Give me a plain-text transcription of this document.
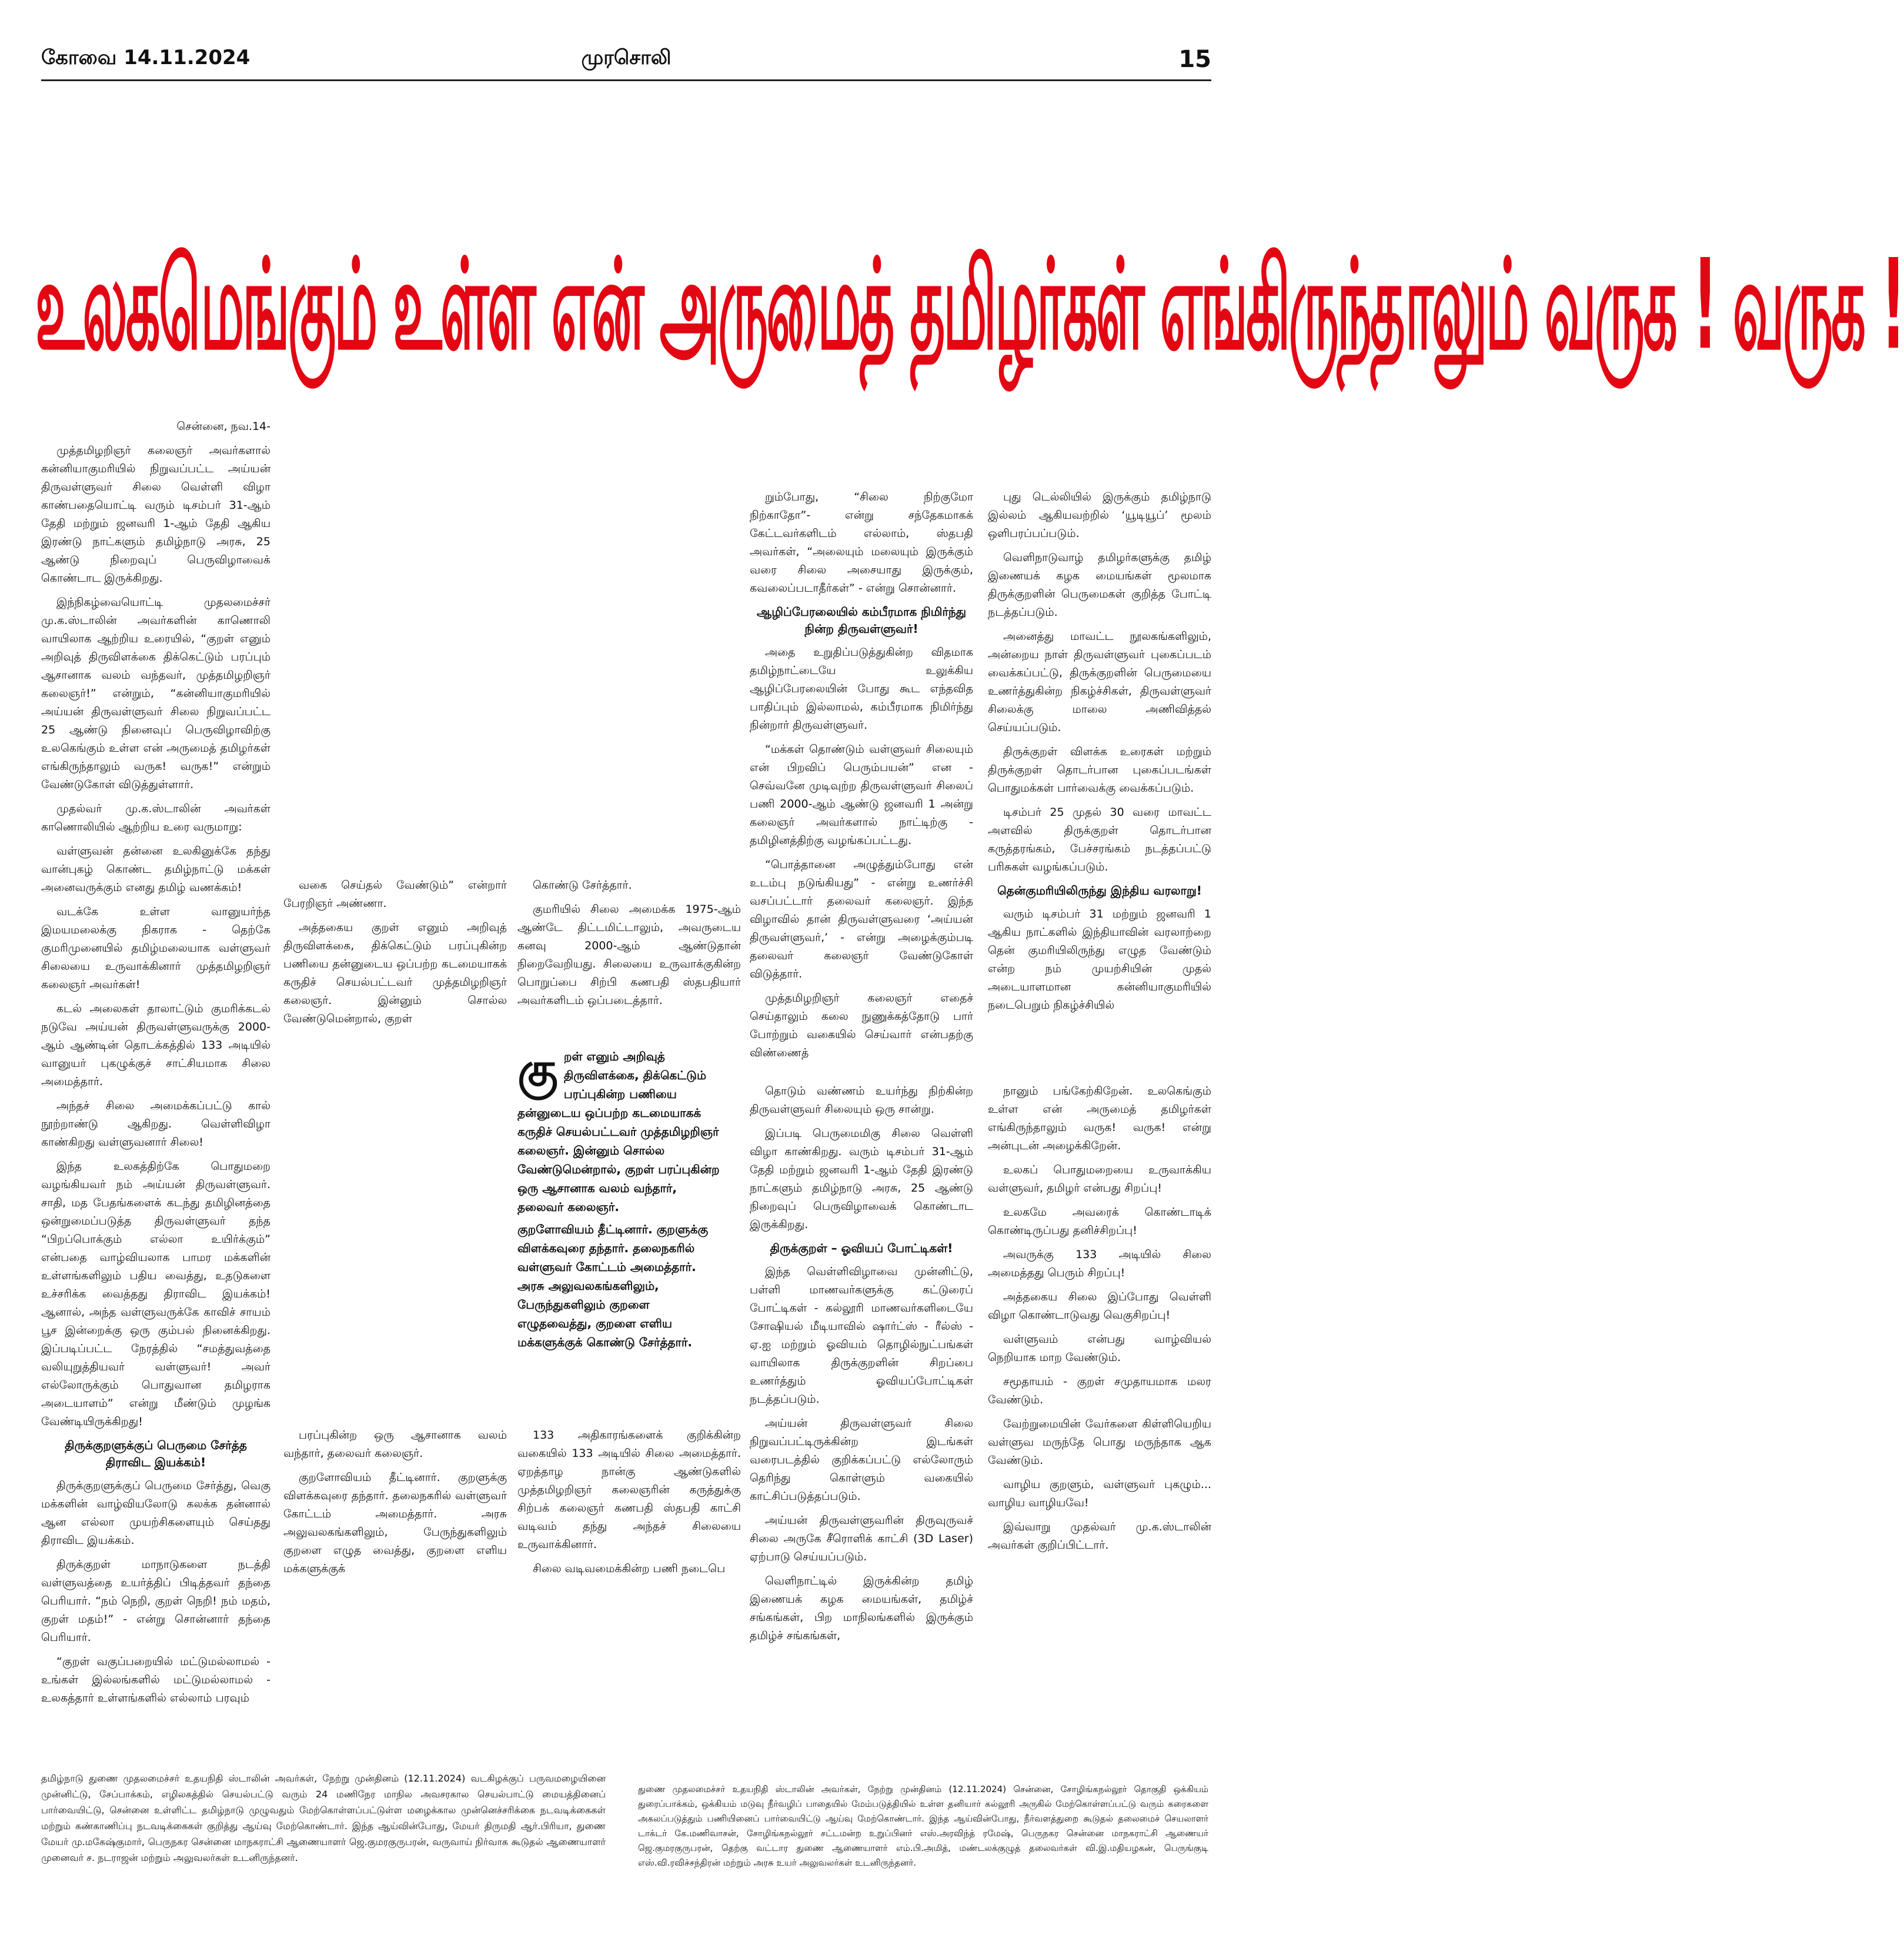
முரசொலி
கோவை 14.11.2024	15
உலகமெங்கும் உள்ள என் அருமைத் தமிழர்கள் எங்கிருந்தாலும் வருக ! வருக !

சென்னை, நவ.14-

முத்தமிழறிஞர் கலைஞர் அவர்களால் கன்னியாகுமரியில் நிறுவப்பட்ட அய்யன் திருவள்ளுவர் சிலை வெள்ளி விழா காண்பதையொட்டி வரும் டிசம்பர் 31-ஆம் தேதி மற்றும் ஜனவரி 1-ஆம் தேதி ஆகிய இரண்டு நாட்களும் தமிழ்நாடு அரசு, 25 ஆண்டு நிறைவுப் பெருவிழாவைக் கொண்டாட இருக்கிறது.

இந்நிகழ்வையொட்டி முதலமைச்சர் மு.க.ஸ்டாலின் அவர்களின் காணொலி வாயிலாக ஆற்றிய உரையில், “குறள் எனும் அறிவுத் திருவிளக்கை திக்கெட்டும் பரப்பும் ஆசானாக வலம் வந்தவர், முத்தமிழறிஞர் கலைஞர்!” என்றும், “கன்னியாகுமரியில் அய்யன் திருவள்ளுவர் சிலை நிறுவப்பட்ட 25 ஆண்டு நினைவுப் பெருவிழாவிற்கு உலகெங்கும் உள்ள என் அருமைத் தமிழர்கள் எங்கிருந்தாலும் வருக! வருக!” என்றும் வேண்டுகோள் விடுத்துள்ளார்.

முதல்வர் மு.க.ஸ்டாலின் அவர்கள் காணொலியில் ஆற்றிய உரை வருமாறு:

வள்ளுவன் தன்னை உலகினுக்கே தந்து வான்புகழ் கொண்ட தமிழ்நாட்டு மக்கள் அனைவருக்கும் எனது தமிழ் வணக்கம்!

வடக்கே உள்ள வானுயர்ந்த இமயமலைக்கு நிகராக - தெற்கே குமரிமுனையில் தமிழ்மலையாக வள்ளுவர் சிலையை உருவாக்கினார் முத்தமிழறிஞர் கலைஞர் அவர்கள்!

கடல் அலைகள் தாலாட்டும் குமரிக்கடல் நடுவே அய்யன் திருவள்ளுவருக்கு 2000-ஆம் ஆண்டின் தொடக்கத்தில் 133 அடியில் வானுயர் புகழுக்குச் சாட்சியமாக சிலை அமைத்தார்.

அந்தச் சிலை அமைக்கப்பட்டு கால் நூற்றாண்டு ஆகிறது. வெள்ளிவிழா காண்கிறது வள்ளுவனார் சிலை!

இந்த உலகத்திற்கே பொதுமறை வழங்கியவர் நம் அய்யன் திருவள்ளுவர். சாதி, மத பேதங்களைக் கடந்து தமிழினத்தை ஒன்றுமைப்படுத்த திருவள்ளுவர் தந்த “பிறப்பொக்கும் எல்லா உயிர்க்கும்” என்பதை வாழ்வியலாக பாமர மக்களின் உள்ளங்களிலும் பதிய வைத்து, உதடுகளை உச்சரிக்க வைத்தது திராவிட இயக்கம்! ஆனால், அந்த வள்ளுவருக்கே காவிச் சாயம் பூச இன்றைக்கு ஒரு கும்பல் நினைக்கிறது. இப்படிப்பட்ட நேரத்தில் “சமத்துவத்தை வலியுறுத்தியவர் வள்ளுவர்! அவர் எல்லோருக்கும் பொதுவான தமிழராக அடையாளம்” என்று மீண்டும் முழங்க வேண்டியிருக்கிறது!

திருக்குறளுக்குப் பெருமை சேர்த்த திராவிட இயக்கம்!

திருக்குறளுக்குப் பெருமை சேர்த்து, வெகு மக்களின் வாழ்வியலோடு கலக்க தன்னால் ஆன எல்லா முயற்சிகளையும் செய்தது திராவிட இயக்கம்.

திருக்குறள் மாநாடுகளை நடத்தி வள்ளுவத்தை உயர்த்திப் பிடித்தவர் தந்தை பெரியார். “நம் நெறி, குறள் நெறி! நம் மதம், குறள் மதம்!” - என்று சொன்னார் தந்தை பெரியார்.

“குறள் வகுப்பறையில் மட்டுமல்லாமல் - உங்கள் இல்லங்களில் மட்டுமல்லாமல் - உலகத்தார் உள்ளங்களில் எல்லாம் பரவும்

வகை செய்தல் வேண்டும்” என்றார் பேரறிஞர் அண்ணா.

அத்தகைய குறள் எனும் அறிவுத் திருவிளக்கை, திக்கெட்டும் பரப்புகின்ற பணியை தன்னுடைய ஒப்பற்ற கடமையாகக் கருதிச் செயல்பட்டவர் முத்தமிழறிஞர் கலைஞர். இன்னும் சொல்ல வேண்டுமென்றால், குறள்

கொண்டு சேர்த்தார்.

குமரியில் சிலை அமைக்க 1975-ஆம் ஆண்டே திட்டமிட்டாலும், அவருடைய கனவு 2000-ஆம் ஆண்டுதான் நிறைவேறியது. சிலையை உருவாக்குகின்ற பொறுப்பை சிற்பி கணபதி ஸ்தபதியார் அவர்களிடம் ஒப்படைத்தார்.

கு றள் எனும் அறிவுத் திருவிளக்கை, திக்கெட்டும் பரப்புகின்ற பணியை தன்னுடைய ஒப்பற்ற கடமையாகக் கருதிச் செயல்பட்டவர் முத்தமிழறிஞர் கலைஞர். இன்னும் சொல்ல வேண்டுமென்றால், குறள் பரப்புகின்ற ஒரு ஆசானாக வலம் வந்தார், தலைவர் கலைஞர்.

குறளோவியம் தீட்டினார். குறளுக்கு விளக்கவுரை தந்தார். தலைநகரில் வள்ளுவர் கோட்டம் அமைத்தார். அரசு அலுவலகங்களிலும், பேருந்துகளிலும் குறளை எழுதவைத்து, குறளை எளிய மக்களுக்குக் கொண்டு சேர்த்தார்.

பரப்புகின்ற ஒரு ஆசானாக வலம் வந்தார், தலைவர் கலைஞர்.

குறளோவியம் தீட்டினார். குறளுக்கு விளக்கவுரை தந்தார். தலைநகரில் வள்ளுவர் கோட்டம் அமைத்தார். அரசு அலுவலகங்களிலும், பேருந்துகளிலும் குறளை எழுத வைத்து, குறளை எளிய மக்களுக்குக்

133 அதிகாரங்களைக் குறிக்கின்ற வகையில் 133 அடியில் சிலை அமைத்தார். ஏறத்தாழ நான்கு ஆண்டுகளில் முத்தமிழறிஞர் கலைஞரின் கருத்துக்கு சிற்பக் கலைஞர் கணபதி ஸ்தபதி காட்சி வடிவம் தந்து அந்தச் சிலையை உருவாக்கினார்.

சிலை வடிவமைக்கின்ற பணி நடைபெ

றும்போது, “சிலை நிற்குமோ நிற்காதோ”- என்று சந்தேகமாகக் கேட்டவர்களிடம் எல்லாம், ஸ்தபதி அவர்கள், “அலையும் மலையும் இருக்கும் வரை சிலை அசையாது இருக்கும், கவலைப்படாதீர்கள்” - என்று சொன்னார்.

ஆழிப்பேரலையில் கம்பீரமாக நிமிர்ந்து நின்ற திருவள்ளுவர்!

அதை உறுதிப்படுத்துகின்ற விதமாக தமிழ்நாட்டையே உலுக்கிய ஆழிப்பேரலையின் போது கூட எந்தவித பாதிப்பும் இல்லாமல், கம்பீரமாக நிமிர்ந்து நின்றார் திருவள்ளுவர்.

“மக்கள் தொண்டும் வள்ளுவர் சிலையும் என் பிறவிப் பெரும்பயன்” என - செவ்வனே முடிவுற்ற திருவள்ளுவர் சிலைப் பணி 2000-ஆம் ஆண்டு ஜனவரி 1 அன்று கலைஞர் அவர்களால் நாட்டிற்கு - தமிழினத்திற்கு வழங்கப்பட்டது.

“பொத்தானை அழுத்தும்போது என் உடம்பு நடுங்கியது” - என்று உணர்ச்சி வசப்பட்டார் தலைவர் கலைஞர். இந்த விழாவில் தான் திருவள்ளுவரை ‘அய்யன் திருவள்ளுவர்,’ - என்று அழைக்கும்படி தலைவர் கலைஞர் வேண்டுகோள் விடுத்தார்.

முத்தமிழறிஞர் கலைஞர் எதைச் செய்தாலும் கலை நுணுக்கத்தோடு பார் போற்றும் வகையில் செய்வார் என்பதற்கு விண்ணைத்

தொடும் வண்ணம் உயர்ந்து நிற்கின்ற திருவள்ளுவர் சிலையும் ஒரு சான்று.

இப்படி பெருமைமிகு சிலை வெள்ளி விழா காண்கிறது. வரும் டிசம்பர் 31-ஆம் தேதி மற்றும் ஜனவரி 1-ஆம் தேதி இரண்டு நாட்களும் தமிழ்நாடு அரசு, 25 ஆண்டு நிறைவுப் பெருவிழாவைக் கொண்டாட இருக்கிறது.

திருக்குறள் – ஓவியப் போட்டிகள்!

இந்த வெள்ளிவிழாவை முன்னிட்டு, பள்ளி மாணவர்களுக்கு கட்டுரைப் போட்டிகள் - கல்லூரி மாணவர்களிடையே சோஷியல் மீடியாவில் ஷார்ட்ஸ் - ரீல்ஸ் - ஏ.ஐ மற்றும் ஓவியம் தொழில்நுட்பங்கள் வாயிலாக திருக்குறளின் சிறப்பை உணர்த்தும் ஓவியப்போட்டிகள் நடத்தப்படும்.

அய்யன் திருவள்ளுவர் சிலை நிறுவப்பட்டிருக்கின்ற இடங்கள் வரைபடத்தில் குறிக்கப்பட்டு எல்லோரும் தெரிந்து கொள்ளும் வகையில் காட்சிப்படுத்தப்படும்.

அய்யன் திருவள்ளுவரின் திருவுருவச் சிலை அருகே சீரொளிக் காட்சி (3D Laser) ஏற்பாடு செய்யப்படும்.

வெளிநாட்டில் இருக்கின்ற தமிழ் இணையக் கழக மையங்கள், தமிழ்ச் சங்கங்கள், பிற மாநிலங்களில் இருக்கும் தமிழ்ச் சங்கங்கள்,

புது டெல்லியில் இருக்கும் தமிழ்நாடு இல்லம் ஆகியவற்றில் ‘யூடியூப்’ மூலம் ஒளிபரப்பப்படும்.

வெளிநாடுவாழ் தமிழர்களுக்கு தமிழ் இணையக் கழக மையங்கள் மூலமாக திருக்குறளின் பெருமைகள் குறித்த போட்டி நடத்தப்படும்.

அனைத்து மாவட்ட நூலகங்களிலும், அன்றைய நாள் திருவள்ளுவர் புகைப்படம் வைக்கப்பட்டு, திருக்குறளின் பெருமையை உணர்த்துகின்ற நிகழ்ச்சிகள், திருவள்ளுவர் சிலைக்கு மாலை அணிவித்தல் செய்யப்படும்.

திருக்குறள் விளக்க உரைகள் மற்றும் திருக்குறள் தொடர்பான புகைப்படங்கள் பொதுமக்கள் பார்வைக்கு வைக்கப்படும்.

டிசம்பர் 25 முதல் 30 வரை மாவட்ட அளவில் திருக்குறள் தொடர்பான கருத்தரங்கம், பேச்சரங்கம் நடத்தப்பட்டு பரிசுகள் வழங்கப்படும்.

தென்குமரியிலிருந்து இந்திய வரலாறு!

வரும் டிசம்பர் 31 மற்றும் ஜனவரி 1 ஆகிய நாட்களில் இந்தியாவின் வரலாற்றை தென் குமரியிலிருந்து எழுத வேண்டும் என்ற நம் முயற்சியின் முதல் அடையாளமான கன்னியாகுமரியில் நடைபெறும் நிகழ்ச்சியில்

நானும் பங்கேற்கிறேன். உலகெங்கும் உள்ள என் அருமைத் தமிழர்கள் எங்கிருந்தாலும் வருக! வருக! என்று அன்புடன் அழைக்கிறேன்.

உலகப் பொதுமறையை உருவாக்கிய வள்ளுவர், தமிழர் என்பது சிறப்பு!

உலகமே அவரைக் கொண்டாடிக் கொண்டிருப்பது தனிச்சிறப்பு!

அவருக்கு 133 அடியில் சிலை அமைத்தது பெரும் சிறப்பு!

அத்தகைய சிலை இப்போது வெள்ளி விழா கொண்டாடுவது வெகுசிறப்பு!

வள்ளுவம் என்பது வாழ்வியல் நெறியாக மாற வேண்டும்.

சமூதாயம் - குறள் சமுதாயமாக மலர வேண்டும்.

வேற்றுமையின் வேர்களை கிள்ளியெறிய வள்ளுவ மருந்தே பொது மருந்தாக ஆக வேண்டும்.

வாழிய குறளும், வள்ளுவர் புகழும்... வாழிய வாழியவே!

இவ்வாறு முதல்வர் மு.க.ஸ்டாலின் அவர்கள் குறிப்பிட்டார்.

தமிழ்நாடு துணை முதலமைச்சர் உதயநிதி ஸ்டாலின் அவர்கள், நேற்று முன்தினம் (12.11.2024) வடகிழக்குப் பருவமழையினை முன்னிட்டு, சேப்பாக்கம், எழிலகத்தில் செயல்பட்டு வரும் 24 மணிநேர மாநில அவசரகால செயல்பாட்டு மையத்தினைப் பார்வையிட்டு, சென்னை உள்ளிட்ட தமிழ்நாடு முழுவதும் மேற்கொள்ளப்பட்டுள்ள மழைக்கால முன்னெச்சரிக்கை நடவடிக்கைகள் மற்றும் கண்காணிப்பு நடவடிக்கைகள் குறித்து ஆய்வு மேற்கொண்டார். இந்த ஆய்வின்போது, மேயர் திருமதி ஆர்.பிரியா, துணை மேயர் மு.மகேஷ்குமார், பெருநகர சென்னை மாநகராட்சி ஆணையாளர் ஜெ.குமரகுருபரன், வருவாய் நிர்வாக கூடுதல் ஆணையாளர் முனைவர் ச. நடராஜன் மற்றும் அலுவலர்கள் உடனிருந்தனர்.
துணை முதலமைச்சர் உதயநிதி ஸ்டாலின் அவர்கள், நேற்று முன்தினம் (12.11.2024) சென்னை, சோழிங்கநல்லூர் தொகுதி ஒக்கியம் துரைப்பாக்கம், ஒக்கியம் மடுவு நீர்வழிப் பாதையில் மேம்படுத்தியில் உள்ள தனியார் கல்லூரி அருகில் மேற்கொள்ளப்பட்டு வரும் கரைகளை அகலப்படுத்தும் பணியினைப் பார்வையிட்டு ஆய்வு மேற்கொண்டார். இந்த ஆய்வின்போது, நீர்வளத்துறை கூடுதல் தலைமைச் செயலாளர் டாக்டர் கே.மணிவாசன், சோழிங்கநல்லூர் சட்டமன்ற உறுப்பினர் எஸ்.அரவிந்த் ரமேஷ், பெருநகர சென்னை மாநகராட்சி ஆணையர் ஜெ.குமரகுருபரன், தெற்கு வட்டார துணை ஆணையாளர் எம்.பி.அமித், மண்டலக்குழுத் தலைவர்கள் வி.இ.மதியழகன், பெருங்குடி எஸ்.வி.ரவிச்சந்திரன் மற்றும் அரசு உயர் அலுவலர்கள் உடனிருந்தனர்.
